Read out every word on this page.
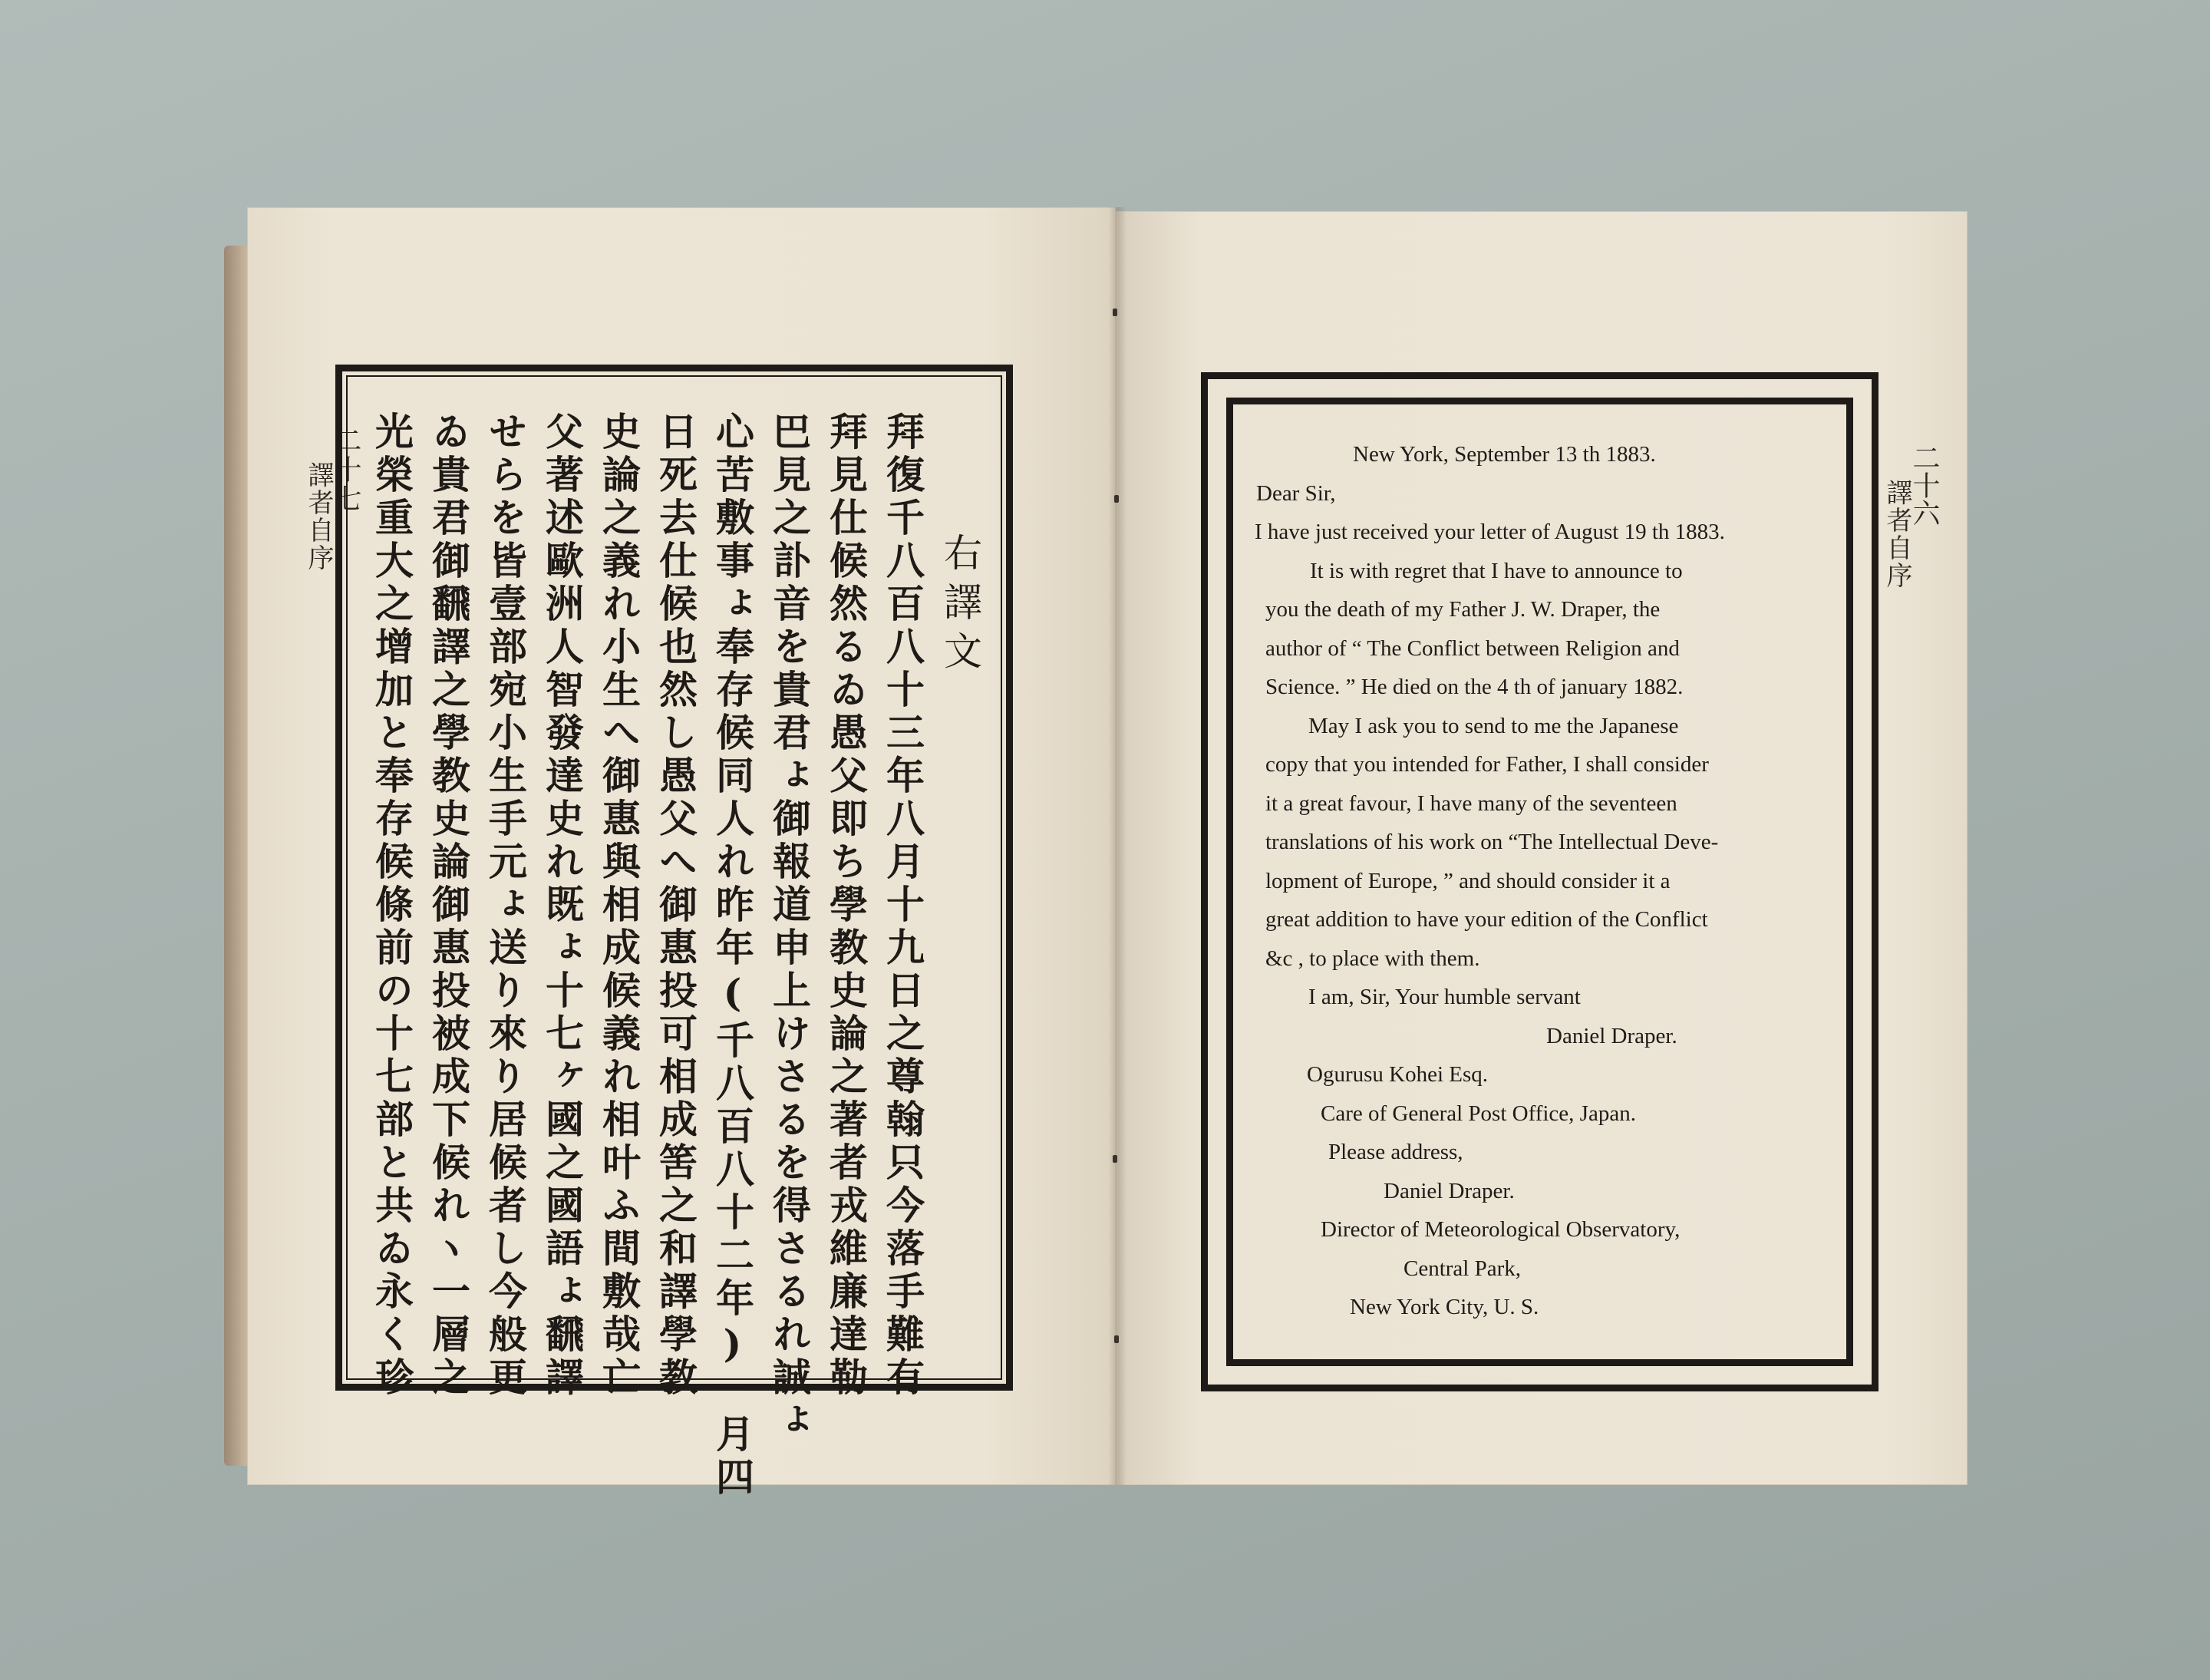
二十七
譯者自序
右譯文
拜復千八百八十三年八月十九日之尊翰只今落手難有
拜見仕候然るゐ愚父即ち學教史論之著者戎維廉達勒
巴見之訃音を貴君ょ御報道申上けさるを得さるれ誠ょ
心苦敷事ょ奉存候同人れ昨年(千八百八十二年)一月四
日死去仕候也然し愚父へ御惠投可相成筈之和譯學教
史論之義れ小生へ御惠與相成候義れ相叶ふ間敷哉亡
父著述歐洲人智發達史れ既ょ十七ヶ國之國語ょ飜譯
せらを皆壹部宛小生手元ょ送り來り居候者し今般更
ゐ貴君御飜譯之學教史論御惠投被成下候れヽ一層之
光榮重大之增加と奉存候條前の十七部と共ゐ永く珍	New York, September 13 th 1883.
Dear Sir,
I have just received your letter of August 19 th 1883.
It is with regret that I have to announce to
you the death of my Father J. W. Draper, the
author of “ The Conflict between Religion and
Science. ” He died on the 4 th of january 1882.
May I ask you to send to me the Japanese
copy that you intended for Father, I shall consider
it a great favour, I have many of the seventeen
translations of his work on “The Intellectual Deve-
lopment of Europe, ” and should consider it a
great addition to have your edition of the Conflict
&c , to place with them.
I am, Sir, Your humble servant
Daniel Draper.
Ogurusu Kohei Esq.
Care of General Post Office, Japan.
Please address,
Daniel Draper.
Director of Meteorological Observatory,
Central Park,
New York City, U. S.
二十六
譯者自序
